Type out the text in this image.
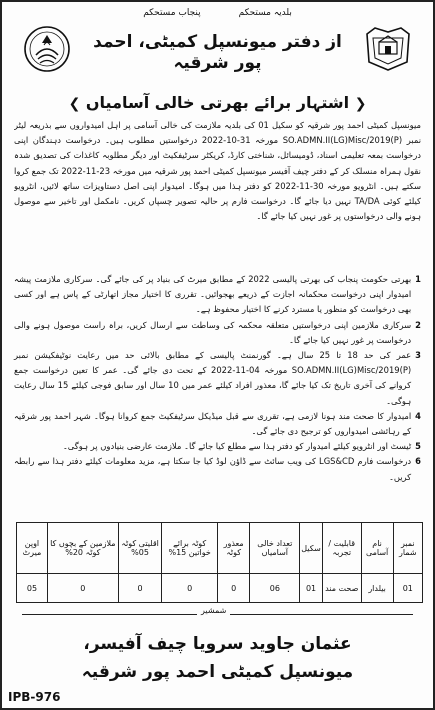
بلدیہ مستحکم
پنجاب مستحکم
از دفتر میونسپل کمیٹی، احمد پور شرقیہ
❮ اشتہار برائے بھرتی خالی آسامیاں ❯

میونسپل کمیٹی احمد پور شرقیہ کو سکیل 01 کی بلدیہ ملازمت کی خالی آسامی پر اہل امیدواروں سے بذریعہ لیٹر نمبر SO.ADMN.II(LG)Misc/2019(P) مورخہ 31-10-2022 درخواستیں مطلوب ہیں۔ درخواست دہندگان اپنی درخواست بمعہ تعلیمی اسناد، ڈومیسائل، شناختی کارڈ، کریکٹر سرٹیفکیٹ اور دیگر مطلوبہ کاغذات کی تصدیق شدہ نقول ہمراہ منسلک کر کے دفتر چیف آفیسر میونسپل کمیٹی احمد پور شرقیہ میں مورخہ 23-11-2022 تک جمع کروا سکتے ہیں۔ انٹرویو مورخہ 30-11-2022 کو دفتر ہذا میں ہوگا۔ امیدوار اپنی اصل دستاویزات ساتھ لائیں، انٹرویو کیلئے کوئی TA/DA نہیں دیا جائے گا۔ درخواست فارم پر حالیہ تصویر چسپاں کریں۔ نامکمل اور تاخیر سے موصول ہونے والی درخواستوں پر غور نہیں کیا جائے گا۔

1
بھرتی حکومت پنجاب کی بھرتی پالیسی 2022 کے مطابق میرٹ کی بنیاد پر کی جائے گی۔ سرکاری ملازمت پیشہ امیدوار اپنی درخواست محکمانہ اجازت کے ذریعے بھجوائیں۔ تقرری کا اختیار مجاز اتھارٹی کے پاس ہے اور کسی بھی درخواست کو منظور یا مسترد کرنے کا اختیار محفوظ ہے۔
2
سرکاری ملازمین اپنی درخواستیں متعلقہ محکمہ کی وساطت سے ارسال کریں، براہ راست موصول ہونے والی درخواست پر غور نہیں کیا جائے گا۔
3
عمر کی حد 18 تا 25 سال ہے۔ گورنمنٹ پالیسی کے مطابق بالائی حد میں رعایت نوٹیفکیشن نمبر SO.ADMN.II(LG)Misc/2019(P) مورخہ 04-11-2022 کے تحت دی جائے گی۔ عمر کا تعین درخواست جمع کروانے کی آخری تاریخ تک کیا جائے گا، معذور افراد کیلئے عمر میں 10 سال اور سابق فوجی کیلئے 15 سال رعایت ہوگی۔
4
امیدوار کا صحت مند ہونا لازمی ہے، تقرری سے قبل میڈیکل سرٹیفکیٹ جمع کروانا ہوگا۔ شہر احمد پور شرقیہ کے رہائشی امیدواروں کو ترجیح دی جائے گی۔
5
ٹیسٹ اور انٹرویو کیلئے امیدوار کو دفتر ہذا سے مطلع کیا جائے گا۔ ملازمت عارضی بنیادوں پر ہوگی۔
6
درخواست فارم LGS&CD کی ویب سائٹ سے ڈاؤن لوڈ کیا جا سکتا ہے، مزید معلومات کیلئے دفتر ہذا سے رابطہ کریں۔
نمبر شمار	نام آسامی	قابلیت / تجربہ	سکیل	تعداد خالی آسامیاں	معذور کوٹہ	کوٹہ برائے خواتین 15%	اقلیتی کوٹہ 05%	ملازمین کے بچوں کا کوٹہ 20%	اوپن میرٹ
01	بیلدار	صحت مند	01	06	0	0	0	0	05
شمشیر
عثمان جاوید سرویا چیف آفیسر،
میونسپل کمیٹی احمد پور شرقیہ
IPB-976
